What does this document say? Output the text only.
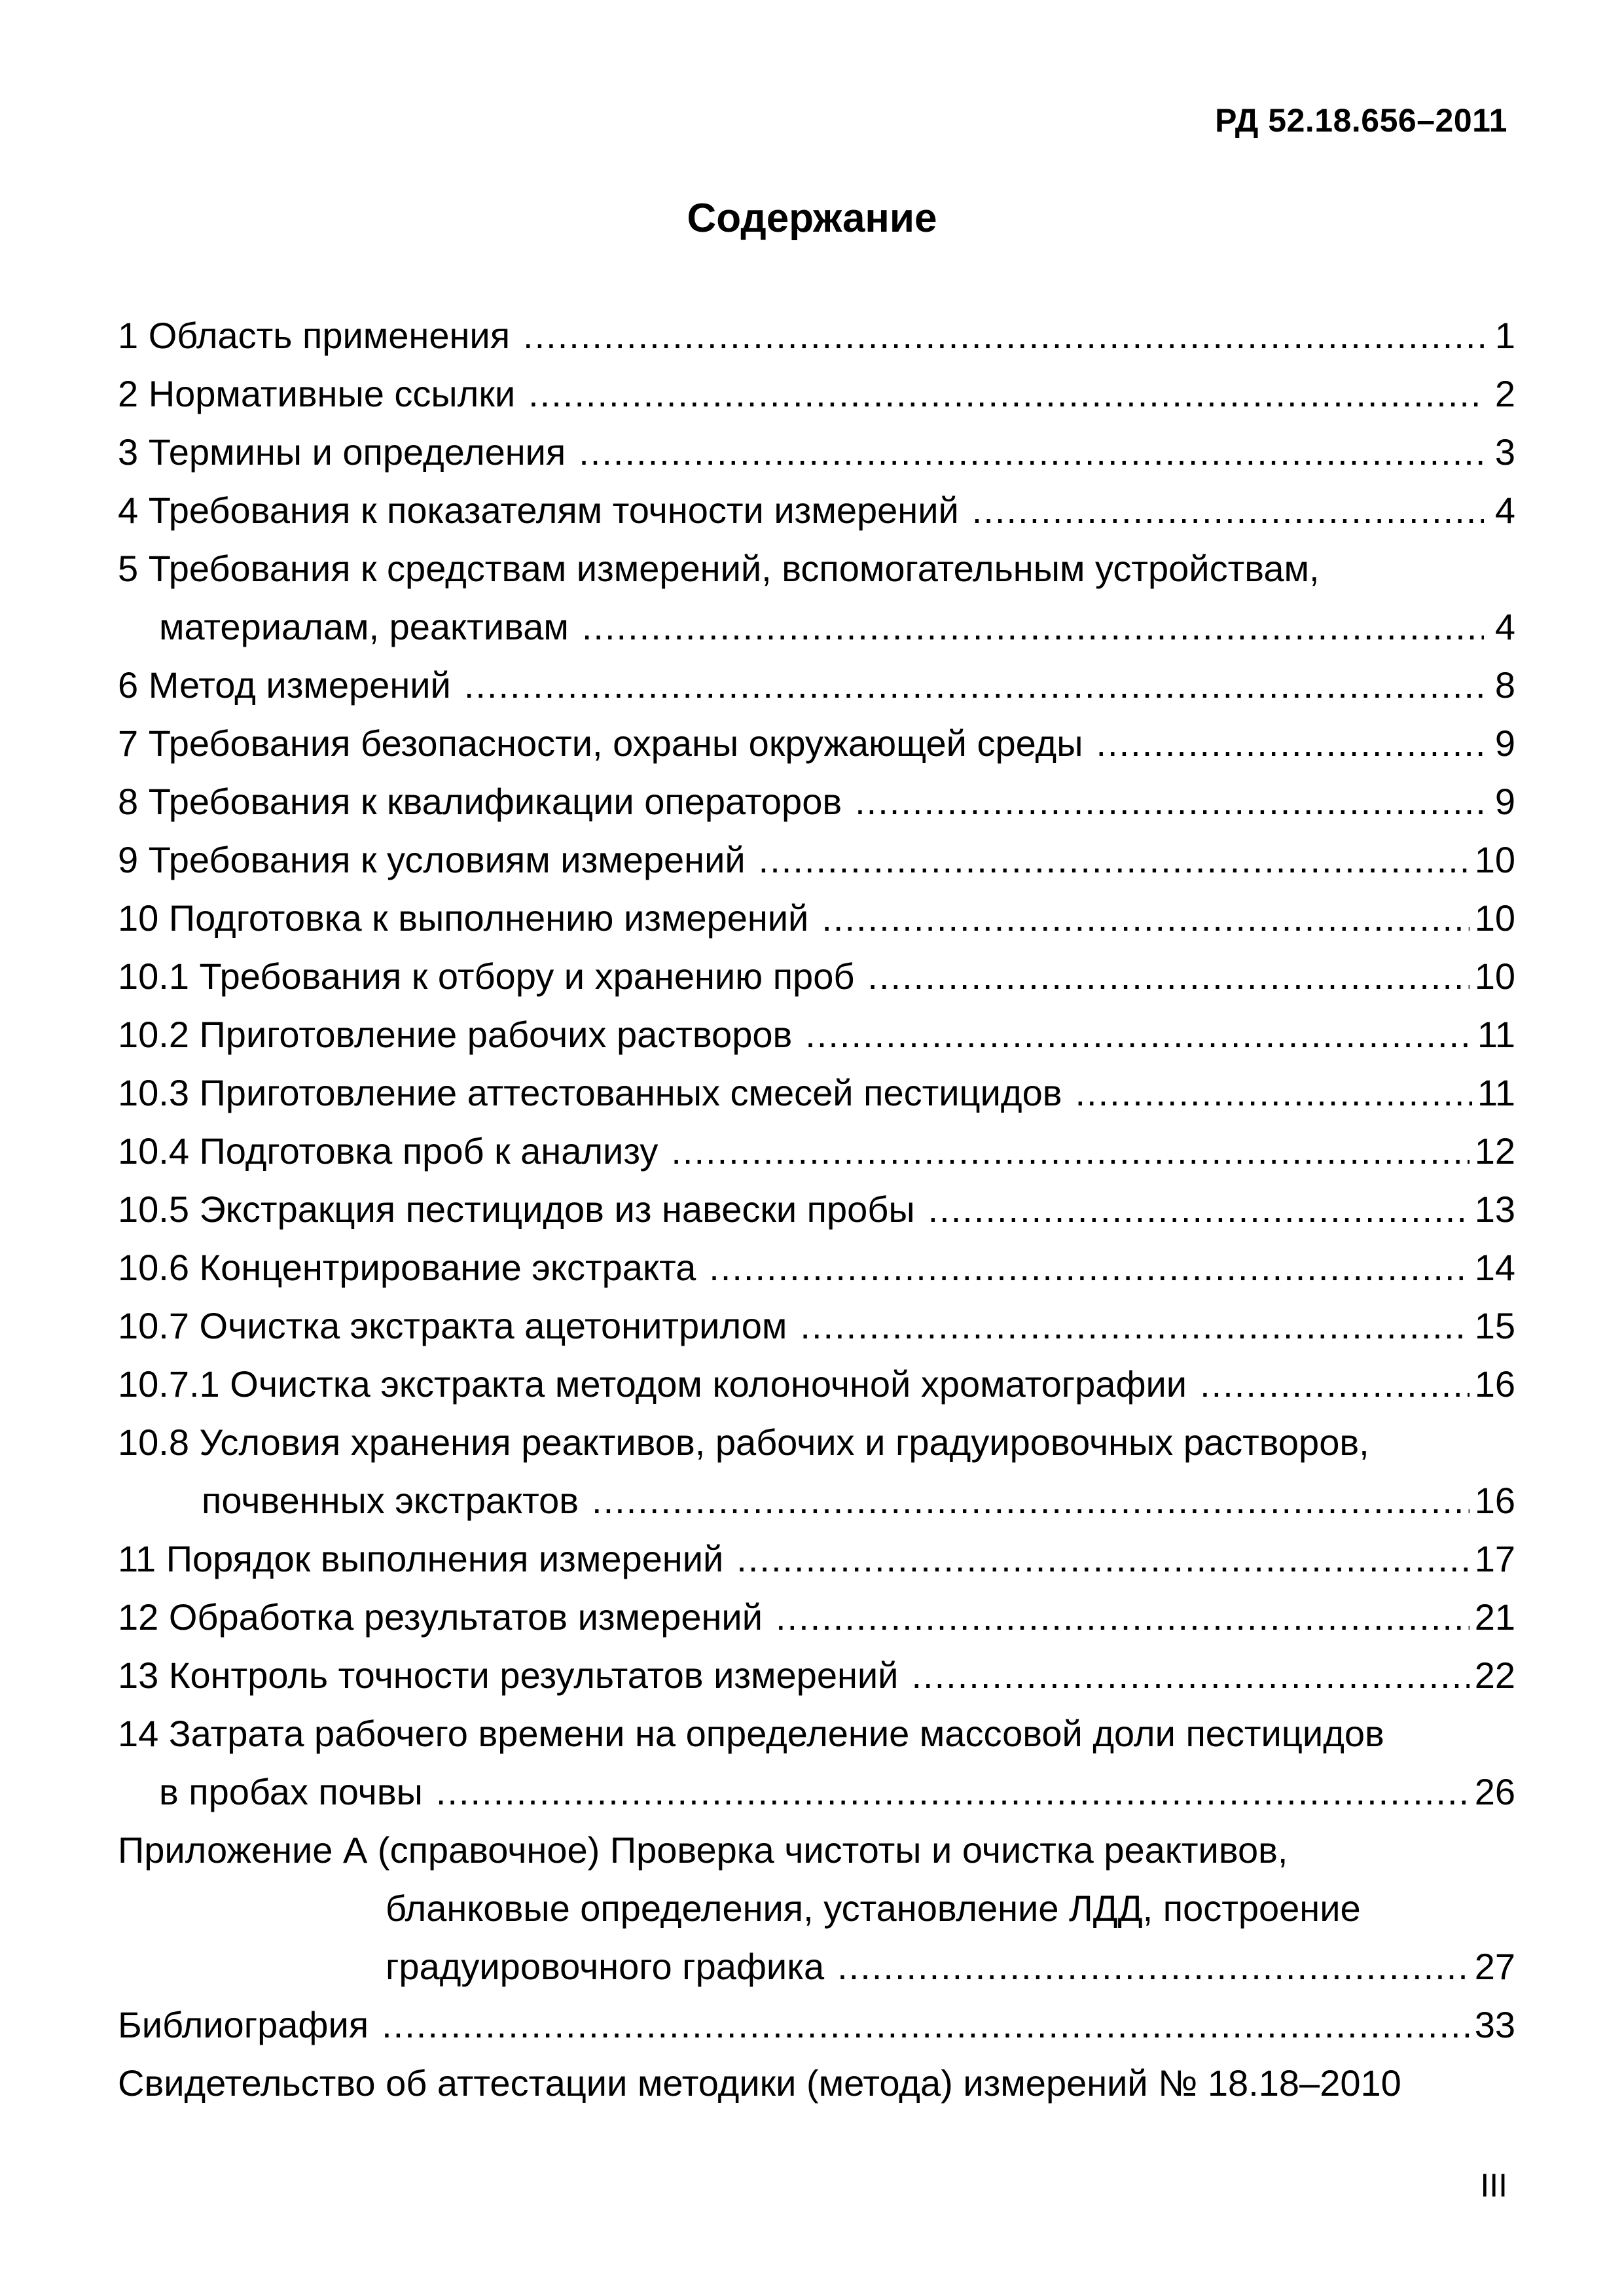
РД 52.18.656–2011
Содержание
1 Область применения .....	1
2 Нормативные ссылки .....	2
3 Термины и определения .....	3
4 Требования к показателям точности измерений .....	4
5 Требования к средствам измерений, вспомогательным устройствам,
материалам, реактивам .....	4
6 Метод измерений .....	8
7 Требования безопасности, охраны окружающей среды .....	9
8 Требования к квалификации операторов .....	9
9 Требования к условиям измерений .....	10
10 Подготовка к выполнению измерений .....	10
10.1 Требования к отбору и хранению проб .....	10
10.2 Приготовление рабочих растворов .....	11
10.3 Приготовление аттестованных смесей пестицидов .....	11
10.4 Подготовка проб к анализу .....	12
10.5 Экстракция пестицидов из навески пробы .....	13
10.6 Концентрирование экстракта .....	14
10.7 Очистка экстракта ацетонитрилом .....	15
10.7.1 Очистка экстракта методом колоночной хроматографии .....	16
10.8 Условия хранения реактивов, рабочих и градуировочных растворов,
почвенных экстрактов .....	16
11 Порядок выполнения измерений .....	17
12 Обработка результатов измерений .....	21
13 Контроль точности результатов измерений .....	22
14 Затрата рабочего времени на определение массовой доли пестицидов
в пробах почвы .....	26
Приложение А (справочное) Проверка чистоты и очистка реактивов,
бланковые определения, установление ЛДД, построение
градуировочного графика .....	27
Библиография .....	33
Свидетельство об аттестации методики (метода) измерений № 18.18–2010
III
